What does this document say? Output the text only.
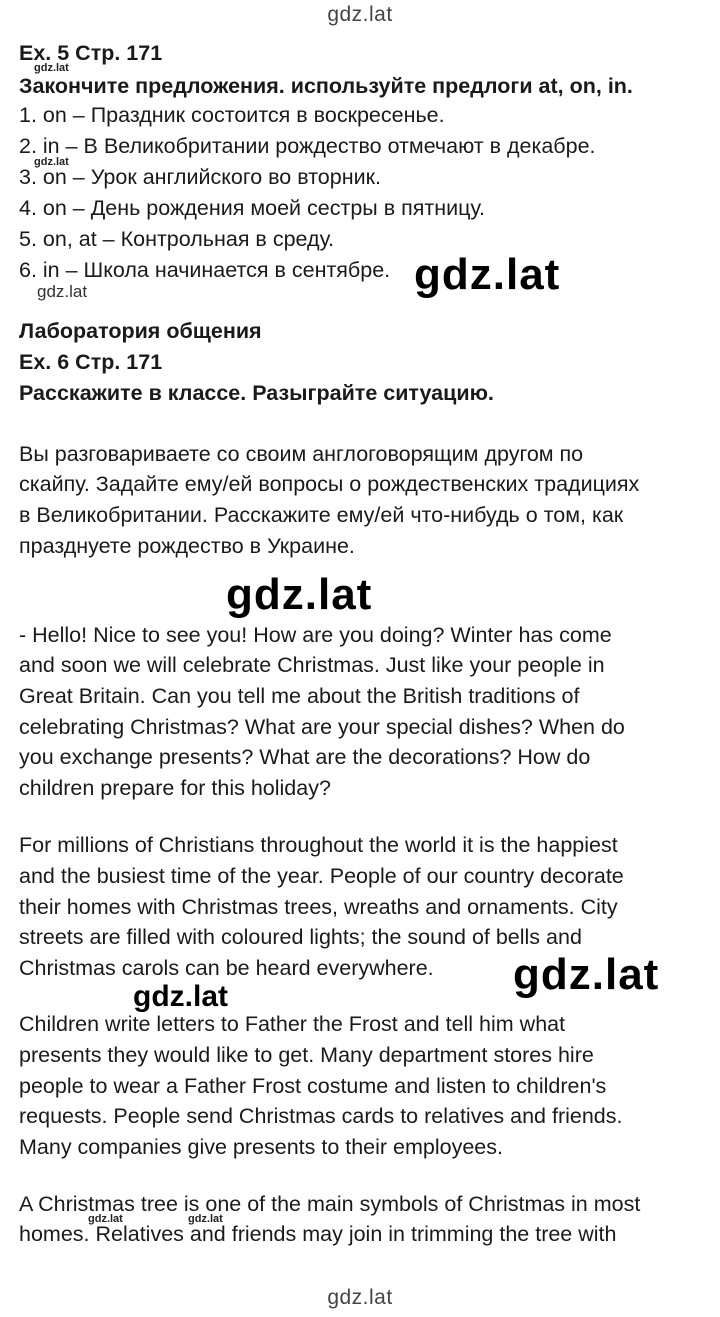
gdz.lat
Ex. 5 Стр. 171
Закончите предложения. используйте предлоги at, on, in.
1. on – Праздник состоится в воскресенье.
2. in – В Великобритании рождество отмечают в декабре.
3. on – Урок английского во вторник.
4. on – День рождения моей сестры в пятницу.
5. on, at – Контрольная в среду.
6. in – Школа начинается в сентябре.
Лаборатория общения
Ex. 6 Стр. 171
Расскажите в классе. Разыграйте ситуацию.
Вы разговариваете со своим англоговорящим другом по
скайпу. Задайте ему/ей вопросы о рождественских традициях
в Великобритании. Расскажите ему/ей что-нибудь о том, как
празднуете рождество в Украине.
- Hello! Nice to see you! How are you doing? Winter has come
and soon we will celebrate Christmas. Just like your people in
Great Britain. Can you tell me about the British traditions of
celebrating Christmas? What are your special dishes? When do
you exchange presents? What are the decorations? How do
children prepare for this holiday?
For millions of Christians throughout the world it is the happiest
and the busiest time of the year. People of our country decorate
their homes with Christmas trees, wreaths and ornaments. City
streets are filled with coloured lights; the sound of bells and
Christmas carols can be heard everywhere.
Children write letters to Father the Frost and tell him what
presents they would like to get. Many department stores hire
people to wear a Father Frost costume and listen to children's
requests. People send Christmas cards to relatives and friends.
Many companies give presents to their employees.
A Christmas tree is one of the main symbols of Christmas in most
homes. Relatives and friends may join in trimming the tree with
gdz.lat
gdz.lat
gdz.lat	gdz.lat
gdz.lat
gdz.lat
gdz.lat
gdz.lat	gdz.lat
gdz.lat
